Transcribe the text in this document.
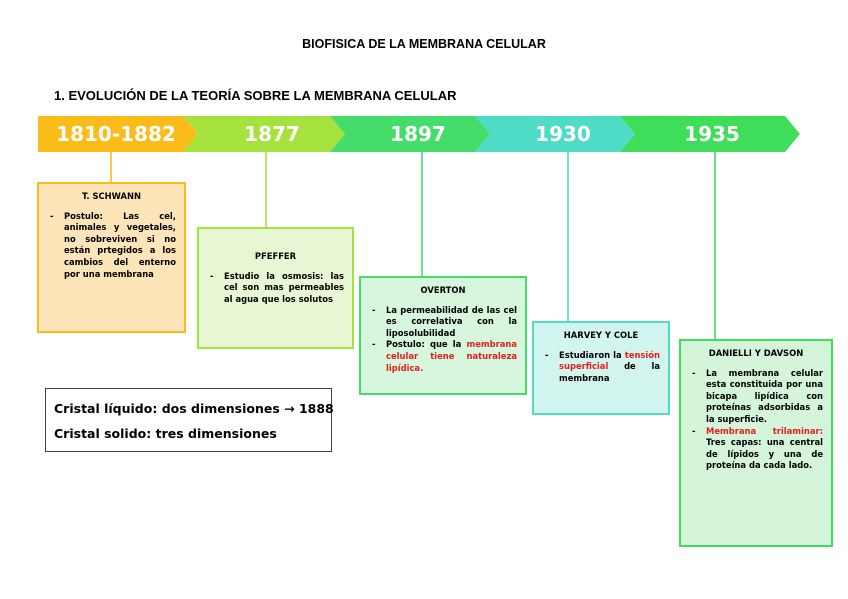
BIOFISICA DE LA MEMBRANA CELULAR
1. EVOLUCIÓN DE LA TEORÍA SOBRE LA MEMBRANA CELULAR
1810-1882	1877	1897	1930	1935
T. SCHWANN
- Postulo: Las cel, animales y vegetales, no sobreviven si no están prtegidos a los cambios del enterno por una membrana
PFEFFER
- Estudio la osmosis: las cel son mas permeables al agua que los solutos
OVERTON
- La permeabilidad de las cel es correlativa con la liposolubilidad
- Postulo: que la membrana celular tiene naturaleza lipídica.
HARVEY Y COLE
- Estudiaron la tensión superficial de la membrana
DANIELLI Y DAVSON
- La membrana celular esta constituida por una bicapa lipídica con proteínas adsorbidas a la superficie.
- Membrana trilaminar: Tres capas: una central de lípidos y una de proteína da cada lado.
Cristal líquido: dos dimensiones → 1888
Cristal solido: tres dimensiones
